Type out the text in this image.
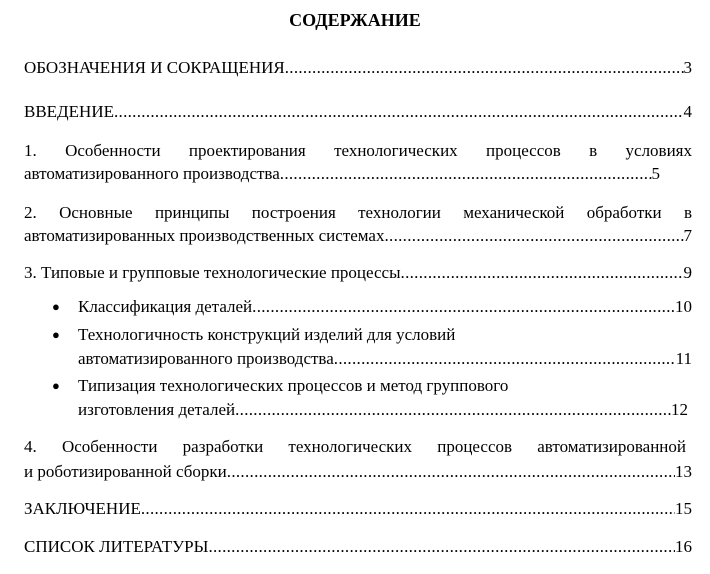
СОДЕРЖАНИЕ
ОБОЗНАЧЕНИЯ И СОКРАЩЕНИЯ .....	3
ВВЕДЕНИЕ .....	4
1. Особенности проектирования технологических процессов в условиях
автоматизированного производства .....	5
2. Основные принципы построения технологии механической обработки в
автоматизированных производственных системах .....	7
3. Типовые и групповые технологические процессы .....	9
● Классификация деталей .....	10
● Технологичность конструкций изделий для условий
автоматизированного производства .....	11
● Типизация технологических процессов и метод группового
изготовления деталей .....	12
4. Особенности разработки технологических процессов автоматизированной
и роботизированной сборки .....	13
ЗАКЛЮЧЕНИЕ .....	15
СПИСОК ЛИТЕРАТУРЫ .....	16
